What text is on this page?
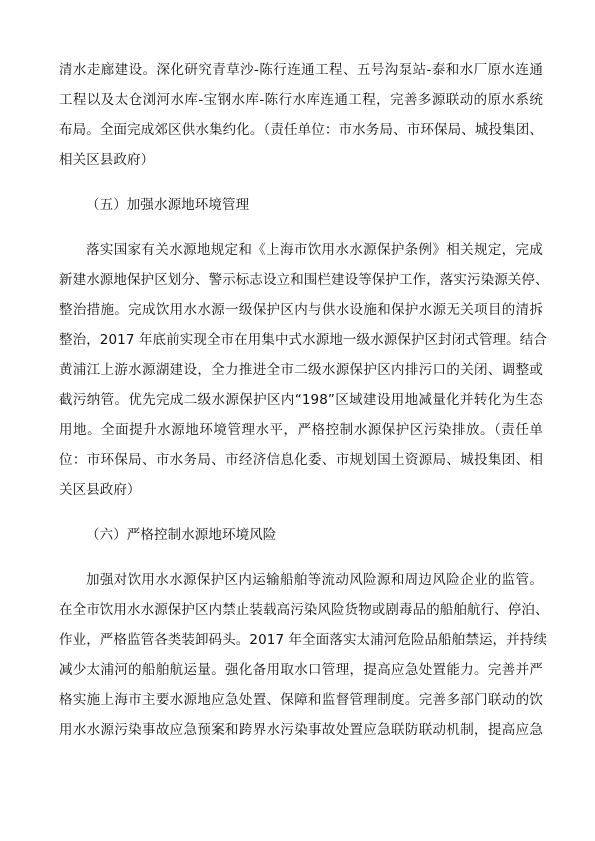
清水走廊建设。深化研究青草沙-陈行连通工程、五号沟泵站-泰和水厂原水连通
工程以及太仓浏河水库-宝钢水库-陈行水库连通工程，完善多源联动的原水系统
布局。全面完成郊区供水集约化。（责任单位：市水务局、市环保局、城投集团、
相关区县政府）
（五）加强水源地环境管理
落实国家有关水源地规定和《上海市饮用水水源保护条例》相关规定，完成
新建水源地保护区划分、警示标志设立和围栏建设等保护工作，落实污染源关停、
整治措施。完成饮用水水源一级保护区内与供水设施和保护水源无关项目的清拆
整治，2017 年底前实现全市在用集中式水源地一级水源保护区封闭式管理。结合
黄浦江上游水源湖建设，全力推进全市二级水源保护区内排污口的关闭、调整或
截污纳管。优先完成二级水源保护区内“198”区域建设用地减量化并转化为生态
用地。全面提升水源地环境管理水平，严格控制水源保护区污染排放。（责任单
位：市环保局、市水务局、市经济信息化委、市规划国土资源局、城投集团、相
关区县政府）
（六）严格控制水源地环境风险
加强对饮用水水源保护区内运输船舶等流动风险源和周边风险企业的监管。
在全市饮用水水源保护区内禁止装载高污染风险货物或剧毒品的船舶航行、停泊、
作业，严格监管各类装卸码头。2017 年全面落实太浦河危险品船舶禁运，并持续
减少太浦河的船舶航运量。强化备用取水口管理，提高应急处置能力。完善并严
格实施上海市主要水源地应急处置、保障和监督管理制度。完善多部门联动的饮
用水水源污染事故应急预案和跨界水污染事故处置应急联防联动机制，提高应急
